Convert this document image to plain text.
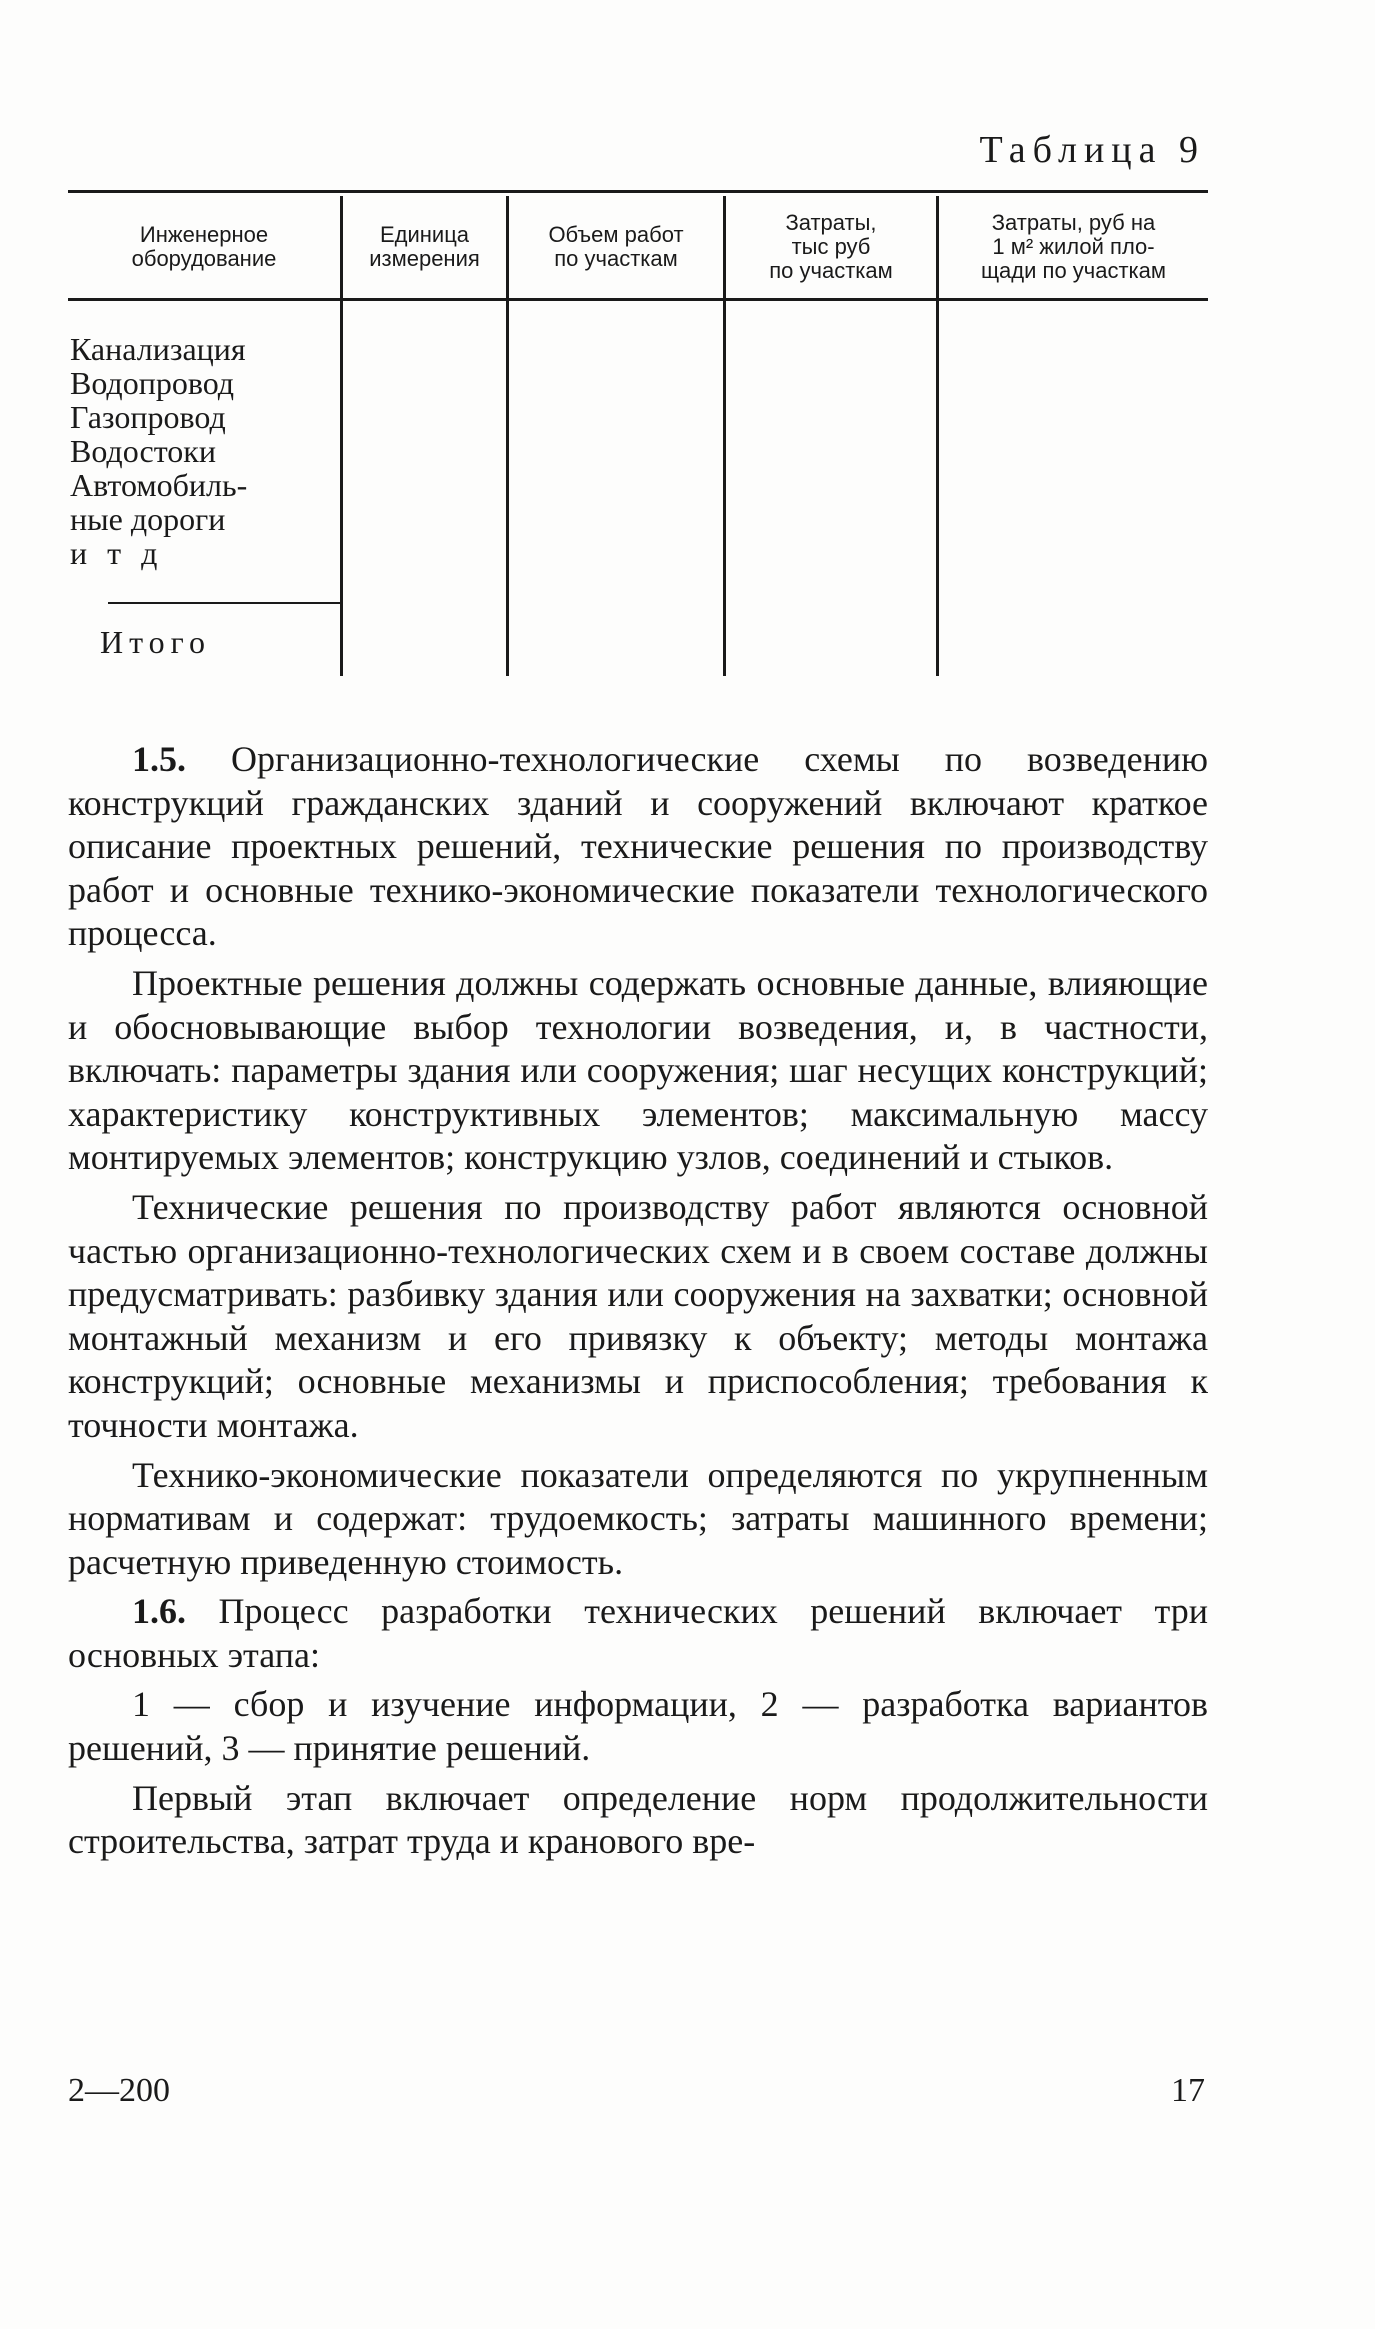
Таблица 9
Инженерное
оборудование
Единица
измерения
Объем работ
по участкам
Затраты,
тыс руб
по участкам
Затраты, руб на
1 м² жилой пло-
щади по участкам
Канализация
Водопровод
Газопровод
Водостоки
Автомобиль-
ные дороги
и т д
Итого

1.5. Организационно-технологические схемы по возведению конструкций гражданских зданий и сооружений включают краткое описание проектных решений, технические решения по производству работ и основные технико-экономические показатели технологического процесса.

Проектные решения должны содержать основные данные, влияющие и обосновывающие выбор технологии возведения, и, в частности, включать: параметры здания или сооружения; шаг несущих конструкций; характеристику конструктивных элементов; максимальную массу монтируемых элементов; конструкцию узлов, соединений и стыков.

Технические решения по производству работ являются основной частью организационно-технологических схем и в своем составе должны предусматривать: разбивку здания или сооружения на захватки; основной монтажный механизм и его привязку к объекту; методы монтажа конструкций; основные механизмы и приспособления; требования к точности монтажа.

Технико-экономические показатели определяются по укрупненным нормативам и содержат: трудоемкость; затраты машинного времени; расчетную приведенную стоимость.

1.6. Процесс разработки технических решений включает три основных этапа:

1 — сбор и изучение информации, 2 — разработка вариантов решений, 3 — принятие решений.

Первый этап включает определение норм продолжительности строительства, затрат труда и кранового вре-

2—200	17
